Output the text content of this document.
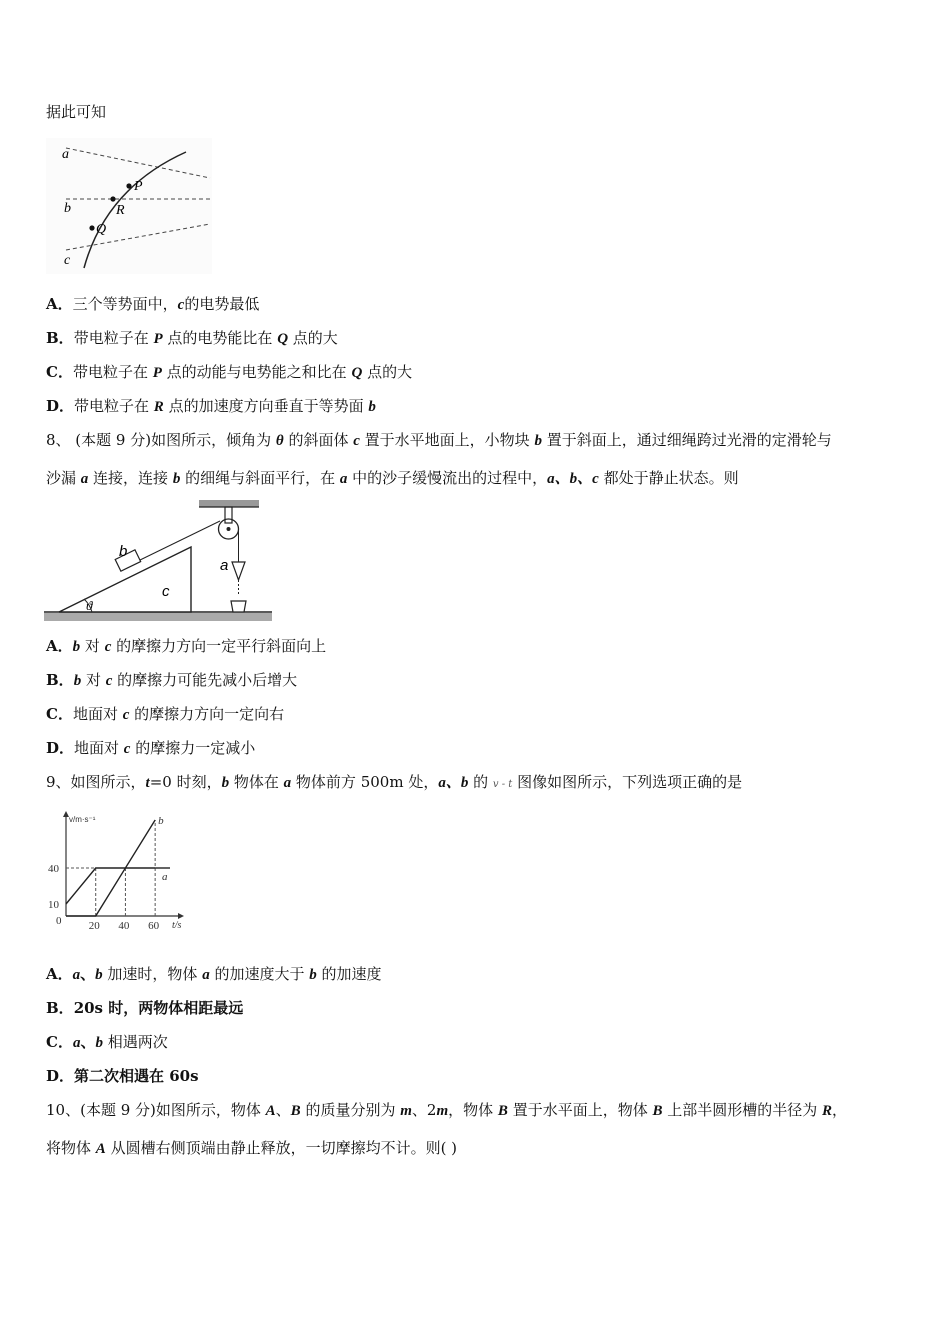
据此可知
a
b
c
P
R
Q
A．三个等势面中，c的电势最低
B．带电粒子在 P 点的电势能比在 Q 点的大
C．带电粒子在 P 点的动能与电势能之和比在 Q 点的大
D．带电粒子在 R 点的加速度方向垂直于等势面 b
8、 (本题 9 分)如图所示，倾角为 θ 的斜面体 c 置于水平地面上，小物块 b 置于斜面上，通过细绳跨过光滑的定滑轮与
沙漏 a 连接，连接 b 的细绳与斜面平行，在 a 中的沙子缓慢流出的过程中，a、b、c 都处于静止状态。则
b
c
a
ϑ
A．b 对 c 的摩擦力方向一定平行斜面向上
B．b 对 c 的摩擦力可能先减小后增大
C．地面对 c 的摩擦力方向一定向右
D．地面对 c 的摩擦力一定减小
9、如图所示，t=0 时刻，b 物体在 a 物体前方 500m 处，a、b 的 v - t 图像如图所示，下列选项正确的是
v/m·s⁻¹
t/s
40
10
0 20 40 60
a
b
A．a、b 加速时，物体 a 的加速度大于 b 的加速度
B．20s 时，两物体相距最远
C．a、b 相遇两次
D．第二次相遇在 60s
10、(本题 9 分)如图所示，物体 A、B 的质量分别为 m、2m，物体 B 置于水平面上，物体 B 上部半圆形槽的半径为 R，
将物体 A 从圆槽右侧顶端由静止释放，一切摩擦均不计。则( )
